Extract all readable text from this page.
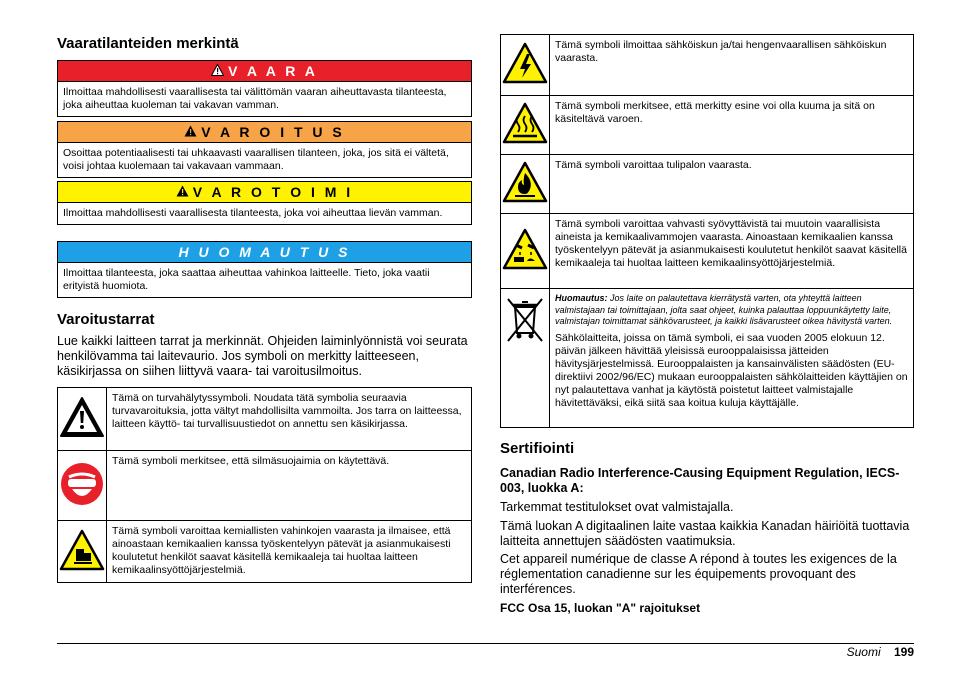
Vaaratilanteiden merkintä
V A A R A
Ilmoittaa mahdollisesti vaarallisesta tai välittömän vaaran aiheuttavasta tilanteesta, joka aiheuttaa kuoleman tai vakavan vamman.
V A R O I T U S
Osoittaa potentiaalisesti tai uhkaavasti vaarallisen tilanteen, joka, jos sitä ei vältetä, voisi johtaa kuolemaan tai vakavaan vammaan.
V A R O T O I M I
Ilmoittaa mahdollisesti vaarallisesta tilanteesta, joka voi aiheuttaa lievän vamman.
H U O M A U T U S
Ilmoittaa tilanteesta, joka saattaa aiheuttaa vahinkoa laitteelle. Tieto, joka vaatii erityistä huomiota.
Varoitustarrat

Lue kaikki laitteen tarrat ja merkinnät. Ohjeiden laiminlyönnistä voi seurata henkilövamma tai laitevaurio. Jos symboli on merkitty laitteeseen, käsikirjassa on siihen liittyvä vaara- tai varoitusilmoitus.

	Tämä on turvahälytyssymboli. Noudata tätä symbolia seuraavia turvavaroituksia, jotta vältyt mahdollisilta vammoilta. Jos tarra on laitteessa, laitteen käyttö- tai turvallisuustiedot on annettu sen käsikirjassa.
	Tämä symboli merkitsee, että silmäsuojaimia on käytettävä.
	Tämä symboli varoittaa kemiallisten vahinkojen vaarasta ja ilmaisee, että ainoastaan kemikaalien kanssa työskentelyyn pätevät ja asianmukaisesti koulutetut henkilöt saavat käsitellä kemikaaleja tai huoltaa laitteen kemikaalinsyöttöjärjestelmiä.
	Tämä symboli ilmoittaa sähköiskun ja/tai hengenvaarallisen sähköiskun vaarasta.
	Tämä symboli merkitsee, että merkitty esine voi olla kuuma ja sitä on käsiteltävä varoen.
	Tämä symboli varoittaa tulipalon vaarasta.
	Tämä symboli varoittaa vahvasti syövyttävistä tai muutoin vaarallisista aineista ja kemikaalivammojen vaarasta. Ainoastaan kemikaalien kanssa työskentelyyn pätevät ja asianmukaisesti koulutetut henkilöt saavat käsitellä kemikaaleja tai huoltaa laitteen kemikaalinsyöttöjärjestelmiä.

Huomautus: Jos laite on palautettava kierrätystä varten, ota yhteyttä laitteen valmistajaan tai toimittajaan, jolta saat ohjeet, kuinka palauttaa loppuunkäytetty laite, valmistajan toimittamat sähkövarusteet, ja kaikki lisävarusteet oikea hävitystä varten.
Sähkölaitteita, joissa on tämä symboli, ei saa vuoden 2005 elokuun 12. päivän jälkeen hävittää yleisissä eurooppalaisissa jätteiden hävitysjärjestelmissä. Eurooppalaisten ja kansainvälisten säädösten (EU-direktiivi 2002/96/EC) mukaan eurooppalaisten sähkölaitteiden käyttäjien on nyt palautettava vanhat ja käytöstä poistetut laitteet valmistajalle hävitettäväksi, eikä siitä saa koitua kuluja käyttäjälle.
Sertifiointi

Canadian Radio Interference-Causing Equipment Regulation, IECS-003, luokka A:

Tarkemmat testitulokset ovat valmistajalla.

Tämä luokan A digitaalinen laite vastaa kaikkia Kanadan häiriöitä tuottavia laitteita annettujen säädösten vaatimuksia.

Cet appareil numérique de classe A répond à toutes les exigences de la réglementation canadienne sur les équipements provoquant des interférences.

FCC Osa 15, luokan "A" rajoitukset

Suomi 199
